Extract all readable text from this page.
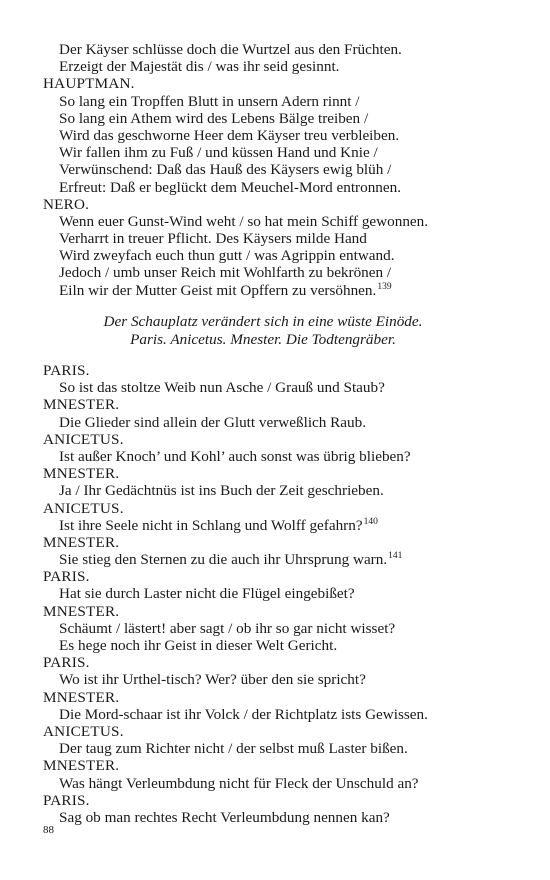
Der Käyser schlüsse doch die Wurtzel aus den Früchten.
Erzeigt der Majestät dis / was ihr seid gesinnt.
HAUPTMAN.
So lang ein Tropffen Blutt in unsern Adern rinnt /
So lang ein Athem wird des Lebens Bälge treiben /
Wird das geschworne Heer dem Käyser treu verbleiben.
Wir fallen ihm zu Fuß / und küssen Hand und Knie /
Verwünschend: Daß das Hauß des Käysers ewig blüh /
Erfreut: Daß er beglückt dem Meuchel-Mord entronnen.
NERO.
Wenn euer Gunst-Wind weht / so hat mein Schiff gewonnen.
Verharrt in treuer Pflicht. Des Käysers milde Hand
Wird zweyfach euch thun gutt / was Agrippin entwand.
Jedoch / umb unser Reich mit Wohlfarth zu bekrönen /
Eiln wir der Mutter Geist mit Opffern zu versöhnen.$^{139}$
Der Schauplatz verändert sich in eine wüste Einöde.
Paris. Anicetus. Mnester. Die Todtengräber.
PARIS.
So ist das stoltze Weib nun Asche / Grauß und Staub?
MNESTER.
Die Glieder sind allein der Glutt verweßlich Raub.
ANICETUS.
Ist außer Knoch’ und Kohl’ auch sonst was übrig blieben?
MNESTER.
Ja / Ihr Gedächtnüs ist ins Buch der Zeit geschrieben.
ANICETUS.
Ist ihre Seele nicht in Schlang und Wolff gefahrn?$^{140}$
MNESTER.
Sie stieg den Sternen zu die auch ihr Uhrsprung warn.$^{141}$
PARIS.
Hat sie durch Laster nicht die Flügel eingebißet?
MNESTER.
Schäumt / lästert! aber sagt / ob ihr so gar nicht wisset?
Es hege noch ihr Geist in dieser Welt Gericht.
PARIS.
Wo ist ihr Urthel-tisch? Wer? über den sie spricht?
MNESTER.
Die Mord-schaar ist ihr Volck / der Richtplatz ists Gewissen.
ANICETUS.
Der taug zum Richter nicht / der selbst muß Laster bißen.
MNESTER.
Was hängt Verleumbdung nicht für Fleck der Unschuld an?
PARIS.
Sag ob man rechtes Recht Verleumbdung nennen kan?
88
